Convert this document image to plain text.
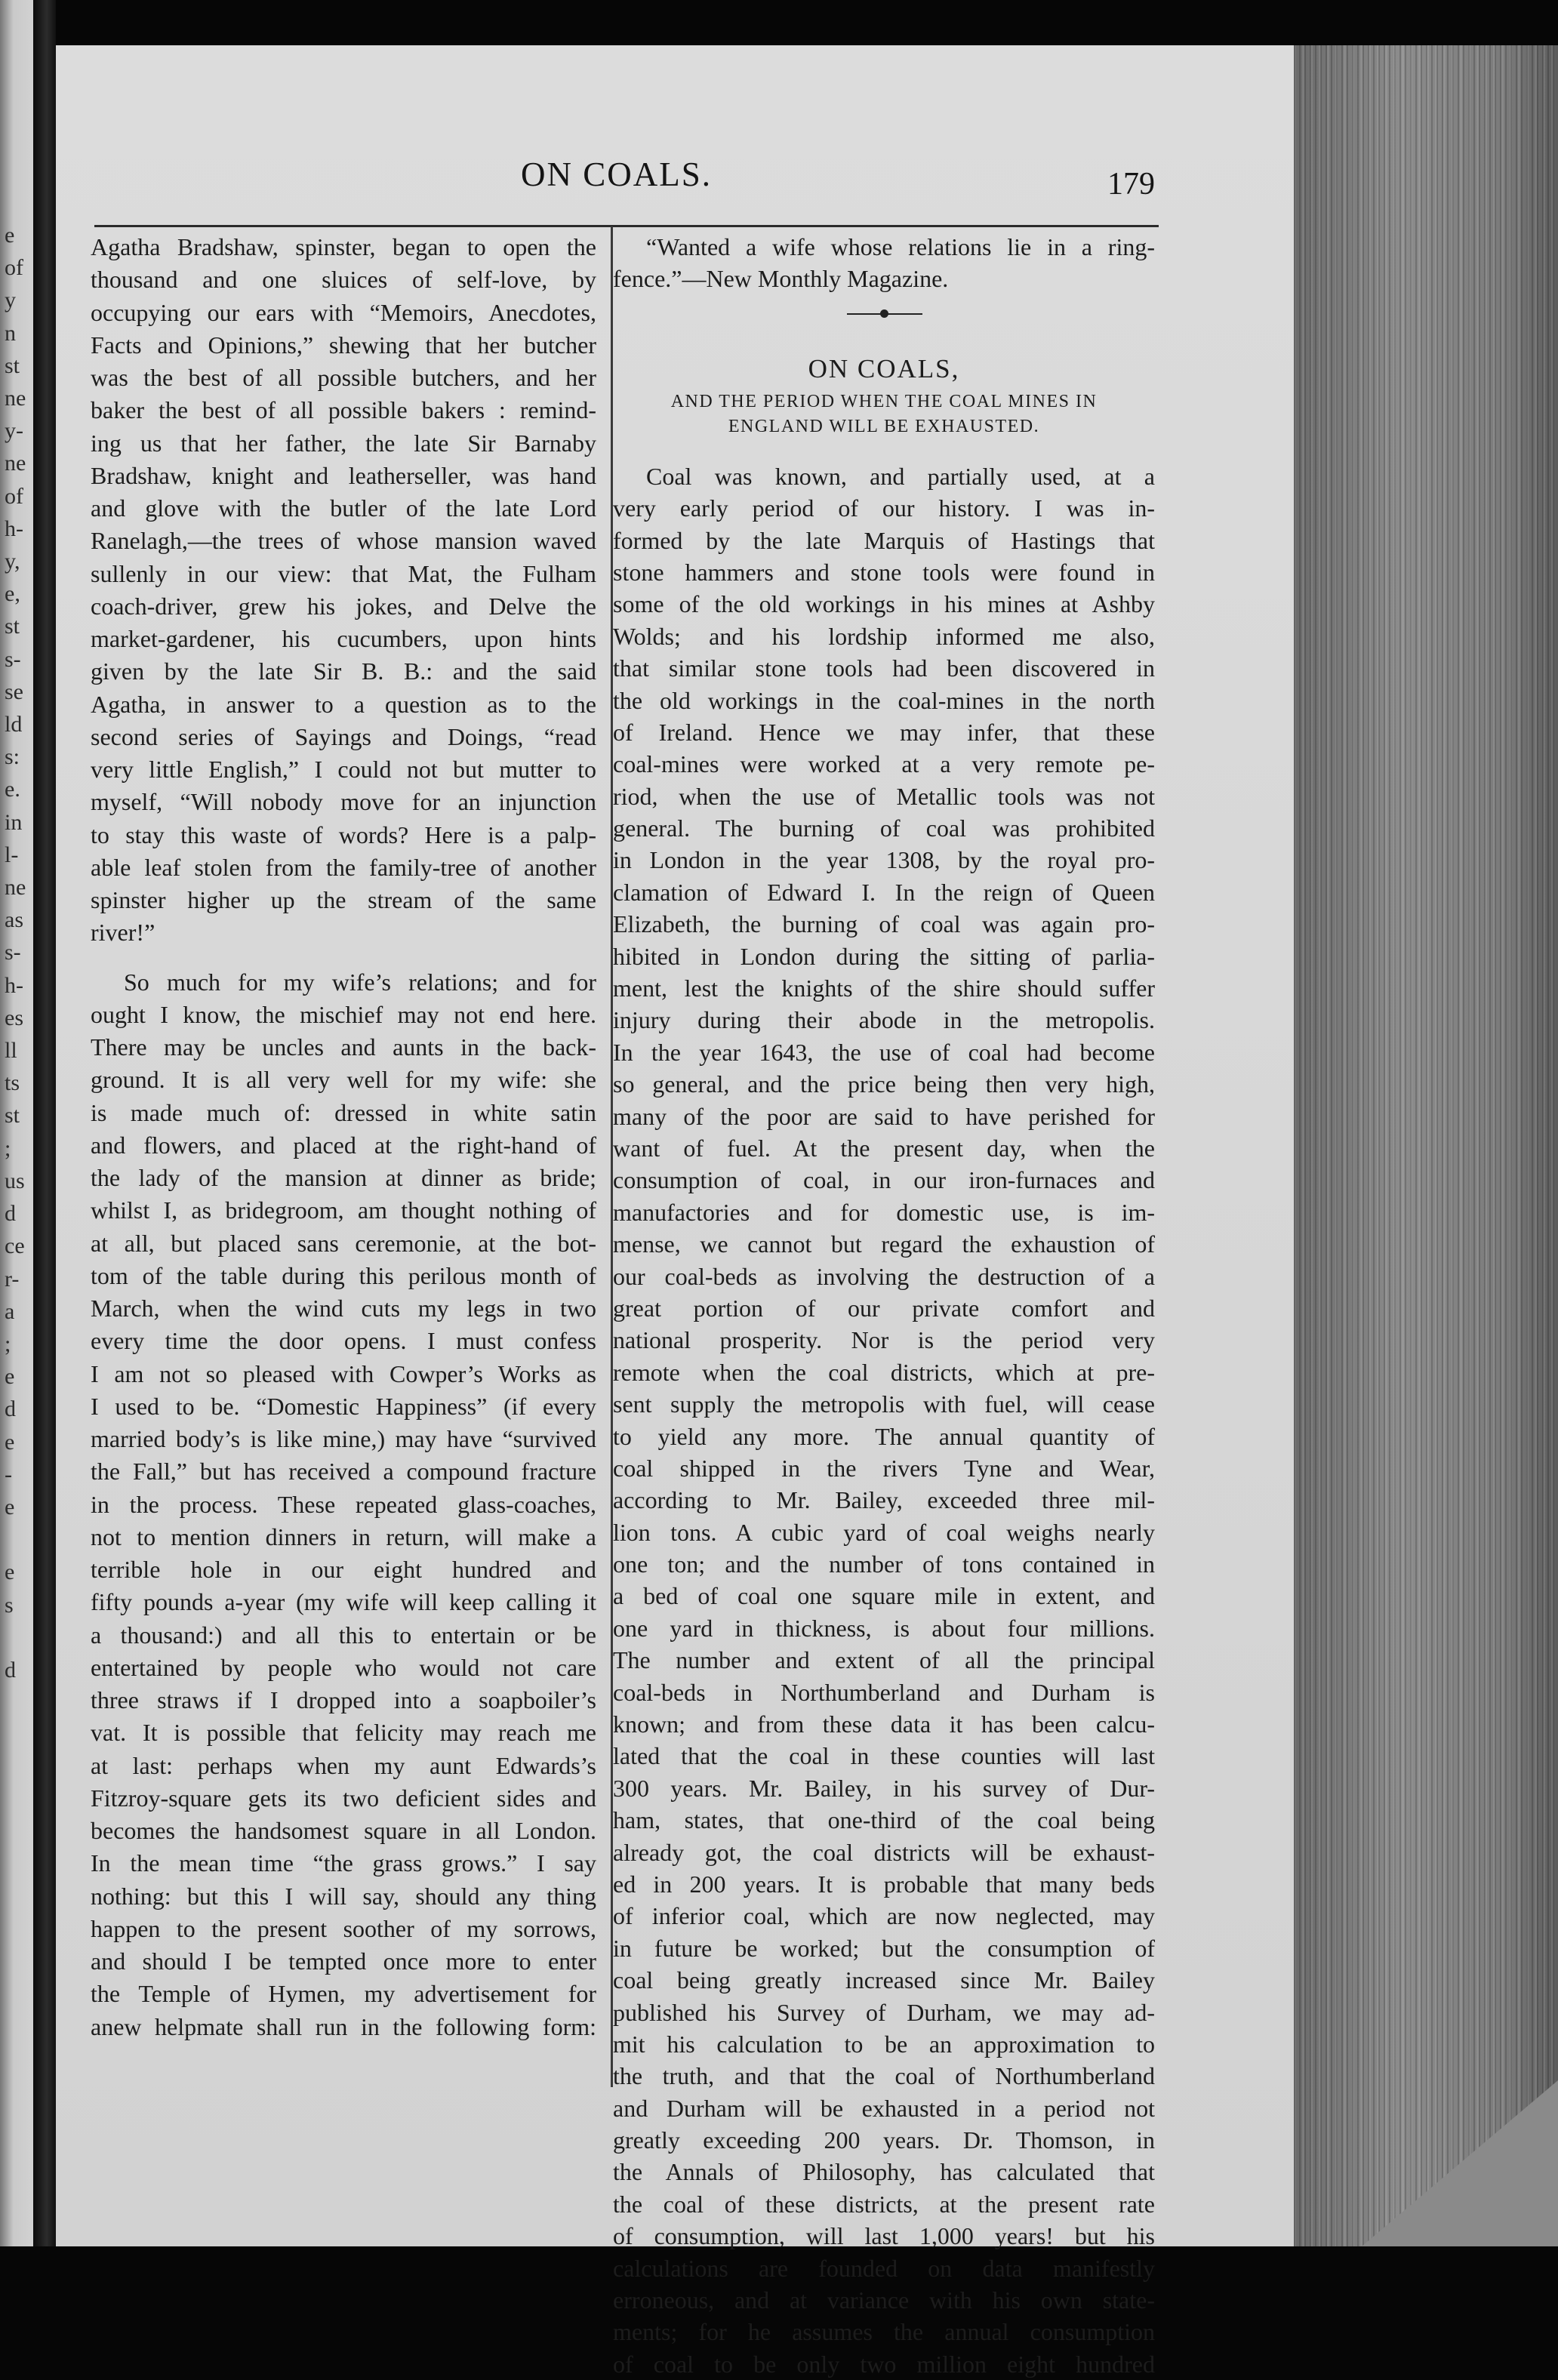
e
of
y
n
st
ne
y-
ne
of
h-
y,
e,
st
s-
se
ld
s:
e.
in
l-
ne
as
s-
h-
es
ll
ts
st
;
us
d
ce
r-
a
;
e
d
e
-
e

e
s

d

ON COALS.	179
Agatha Bradshaw, spinster, began to open the
thousand and one sluices of self-love, by
occupying our ears with “Memoirs, Anecdotes,
Facts and Opinions,” shewing that her butcher
was the best of all possible butchers, and her
baker the best of all possible bakers : remind-
ing us that her father, the late Sir Barnaby
Bradshaw, knight and leatherseller, was hand
and glove with the butler of the late Lord
Ranelagh,—the trees of whose mansion waved
sullenly in our view: that Mat, the Fulham
coach-driver, grew his jokes, and Delve the
market-gardener, his cucumbers, upon hints
given by the late Sir B. B.: and the said
Agatha, in answer to a question as to the
second series of Sayings and Doings, “read
very little English,” I could not but mutter to
myself, “Will nobody move for an injunction
to stay this waste of words? Here is a palp-
able leaf stolen from the family-tree of another
spinster higher up the stream of the same
river!”
So much for my wife’s relations; and for
ought I know, the mischief may not end here.
There may be uncles and aunts in the back-
ground. It is all very well for my wife: she
is made much of: dressed in white satin
and flowers, and placed at the right-hand of
the lady of the mansion at dinner as bride;
whilst I, as bridegroom, am thought nothing of
at all, but placed sans ceremonie, at the bot-
tom of the table during this perilous month of
March, when the wind cuts my legs in two
every time the door opens. I must confess
I am not so pleased with Cowper’s Works as
I used to be. “Domestic Happiness” (if every
married body’s is like mine,) may have “survived
the Fall,” but has received a compound fracture
in the process. These repeated glass-coaches,
not to mention dinners in return, will make a
terrible hole in our eight hundred and
fifty pounds a-year (my wife will keep calling it
a thousand:) and all this to entertain or be
entertained by people who would not care
three straws if I dropped into a soapboiler’s
vat. It is possible that felicity may reach me
at last: perhaps when my aunt Edwards’s
Fitzroy-square gets its two deficient sides and
becomes the handsomest square in all London.
In the mean time “the grass grows.” I say
nothing: but this I will say, should any thing
happen to the present soother of my sorrows,
and should I be tempted once more to enter
the Temple of Hymen, my advertisement for
anew helpmate shall run in the following form:
“Wanted a wife whose relations lie in a ring-
fence.”—New Monthly Magazine.
ON COALS,
AND THE PERIOD WHEN THE COAL MINES IN
ENGLAND WILL BE EXHAUSTED.
Coal was known, and partially used, at a
very early period of our history. I was in-
formed by the late Marquis of Hastings that
stone hammers and stone tools were found in
some of the old workings in his mines at Ashby
Wolds; and his lordship informed me also,
that similar stone tools had been discovered in
the old workings in the coal-mines in the north
of Ireland. Hence we may infer, that these
coal-mines were worked at a very remote pe-
riod, when the use of Metallic tools was not
general. The burning of coal was prohibited
in London in the year 1308, by the royal pro-
clamation of Edward I. In the reign of Queen
Elizabeth, the burning of coal was again pro-
hibited in London during the sitting of parlia-
ment, lest the knights of the shire should suffer
injury during their abode in the metropolis.
In the year 1643, the use of coal had become
so general, and the price being then very high,
many of the poor are said to have perished for
want of fuel. At the present day, when the
consumption of coal, in our iron-furnaces and
manufactories and for domestic use, is im-
mense, we cannot but regard the exhaustion of
our coal-beds as involving the destruction of a
great portion of our private comfort and
national prosperity. Nor is the period very
remote when the coal districts, which at pre-
sent supply the metropolis with fuel, will cease
to yield any more. The annual quantity of
coal shipped in the rivers Tyne and Wear,
according to Mr. Bailey, exceeded three mil-
lion tons. A cubic yard of coal weighs nearly
one ton; and the number of tons contained in
a bed of coal one square mile in extent, and
one yard in thickness, is about four millions.
The number and extent of all the principal
coal-beds in Northumberland and Durham is
known; and from these data it has been calcu-
lated that the coal in these counties will last
300 years. Mr. Bailey, in his survey of Dur-
ham, states, that one-third of the coal being
already got, the coal districts will be exhaust-
ed in 200 years. It is probable that many beds
of inferior coal, which are now neglected, may
in future be worked; but the consumption of
coal being greatly increased since Mr. Bailey
published his Survey of Durham, we may ad-
mit his calculation to be an approximation to
the truth, and that the coal of Northumberland
and Durham will be exhausted in a period not
greatly exceeding 200 years. Dr. Thomson, in
the Annals of Philosophy, has calculated that
the coal of these districts, at the present rate
of consumption, will last 1,000 years! but his
calculations are founded on data manifestly
erroneous, and at variance with his own state-
ments; for he assumes the annual consumption
of coal to be only two million eight hundred
